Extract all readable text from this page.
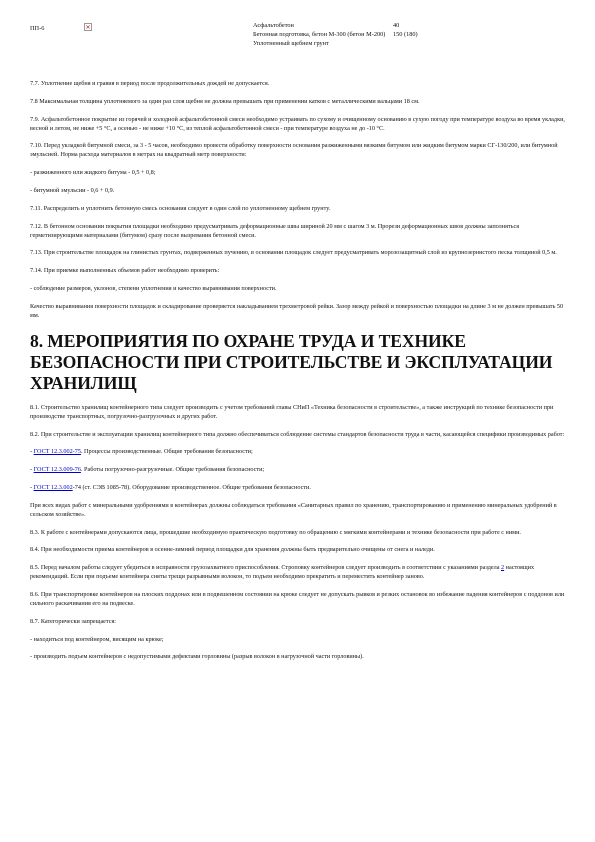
ПП-6	×	Асфальтобетон	40
Бетонная подготовка, бетон М-300 (бетон М-200)	150 (180)
Уплотненный щебнем грунт	

7.7. Уплотнение щебня и гравия в период после продолжительных дождей не допускается.

7.8 Максимальная толщина уплотняемого за один раз слоя щебня не должна превышать при применении катков с металлическими вальцами 18 см.

7.9. Асфальтобетонное покрытие из горячей и холодной асфальтобетонной смеси необходимо устраивать по сухому и очищенному основанию в сухую погоду при температуре воздуха во время укладки, весной и летом, не ниже +5 °С, а осенью - не ниже +10 °С, из теплой асфальтобетонной смеси - при температуре воздуха не до -10 °С.

7.10. Перед укладкой битумной смеси, за 3 - 5 часов, необходимо провести обработку поверхности основания разжиженными вязкими битумом или жидким битумом марки СГ-130/200, или битумной эмульсией. Норма расхода материалов в метрах на квадратный метр поверхности:

- разжиженного или жидкого битума - 0,5 + 0,8;

- битумной эмульсии - 0,6 + 0,9.

7.11. Распределить и уплотнить бетонную смесь основания следует в один слой по уплотненному щебнем грунту.

7.12. В бетонном основании покрытия площадки необходимо предусматривать деформационные швы шириной 20 мм с шагом 3 м. Прорези деформационных швов должны заполняться герметизирующими материалами (битумом) сразу после вызревания бетонной смеси.

7.13. При строительстве площадок на глинистых грунтах, подверженных пучению, в основании площадок следует предусматривать морозозащитный слой из крупнозернистого песка толщиной 0,5 м.

7.14. При приемке выполненных объемов работ необходимо проверить:

- соблюдение размеров, уклонов, степени уплотнения и качество выравнивания поверхности.

Качество выравнивания поверхности площадок и складирование проверяется накладыванием трехметровой рейки. Зазор между рейкой и поверхностью площадки на длине 3 м не должен превышать 50 мм.

8. МЕРОПРИЯТИЯ ПО ОХРАНЕ ТРУДА И ТЕХНИКЕ БЕЗОПАСНОСТИ ПРИ СТРОИТЕЛЬСТВЕ И ЭКСПЛУАТАЦИИ ХРАНИЛИЩ

8.1. Строительство хранилищ контейнерного типа следует производить с учетом требований главы СНиП «Техника безопасности в строительстве», а также инструкций по технике безопасности при производстве транспортных, погрузочно-разгрузочных и других работ.

8.2. При строительстве и эксплуатации хранилищ контейнерного типа должно обеспечиваться соблюдение системы стандартов безопасности труда в части, касающейся специфики производимых работ:

- ГОСТ 12.3.002-75. Процессы производственные. Общие требования безопасности;

- ГОСТ 12.3.009-76. Работы погрузочно-разгрузочные. Общие требования безопасности;

- ГОСТ 12.3.002-74 (ст. СЭВ 1085-78). Оборудование производственное. Общие требования безопасности.

При всех видах работ с минеральными удобрениями в контейнерах должны соблюдаться требования «Санитарных правил по хранению, транспортированию и применению минеральных удобрений в сельском хозяйстве».

8.3. К работе с контейнерами допускаются лица, прошедшие необходимую практическую подготовку по обращению с мягкими контейнерами и технике безопасности при работе с ними.

8.4. При необходимости приема контейнеров в осенне-зимний период площадки для хранения должны быть предварительно очищены от снега и наледи.

8.5. Перед началом работы следует убедиться в исправности грузозахватного приспособления. Строповку контейнеров следует производить в соответствии с указаниями раздела 2 настоящих рекомендаций. Если при подъеме контейнера сняты трещи разрывными волокон, то подъем необходимо прекратить и переместить контейнер заново.

8.6. При транспортировке контейнеров на плоских поддонах или в подвешенном состоянии на крюке следует не допускать рывков и резких остановок во избежание падения контейнеров с поддонов или сильного раскачивания его на подвеске.

8.7. Категорически запрещается:

- находиться под контейнером, висящим на крюке;

- производить подъем контейнеров с недопустимыми дефектами горловины (разрыв волокон в нагрузочной части горловины).
